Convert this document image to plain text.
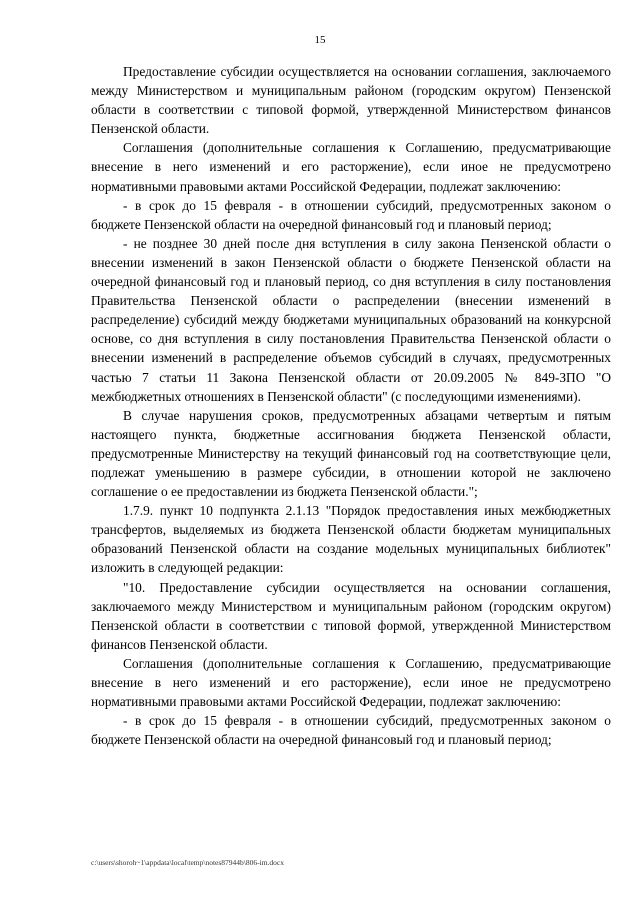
15

Предоставление субсидии осуществляется на основании соглашения, заключаемого между Министерством и муниципальным районом (городским округом) Пензенской области в соответствии с типовой формой, утвержденной Министерством финансов Пензенской области.

Соглашения (дополнительные соглашения к Соглашению, предусматривающие внесение в него изменений и его расторжение), если иное не предусмотрено нормативными правовыми актами Российской Федерации, подлежат заключению:

- в срок до 15 февраля - в отношении субсидий, предусмотренных законом о бюджете Пензенской области на очередной финансовый год и плановый период;

- не позднее 30 дней после дня вступления в силу закона Пензенской области о внесении изменений в закон Пензенской области о бюджете Пензенской области на очередной финансовый год и плановый период, со дня вступления в силу постановления Правительства Пензенской области о распределении (внесении изменений в распределение) субсидий между бюджетами муниципальных образований на конкурсной основе, со дня вступления в силу постановления Правительства Пензенской области о внесении изменений в распределение объемов субсидий в случаях, предусмотренных частью 7 статьи 11 Закона Пензенской области от 20.09.2005 № 849-ЗПО "О межбюджетных отношениях в Пензенской области" (с последующими изменениями).

В случае нарушения сроков, предусмотренных абзацами четвертым и пятым настоящего пункта, бюджетные ассигнования бюджета Пензенской области, предусмотренные Министерству на текущий финансовый год на соответствующие цели, подлежат уменьшению в размере субсидии, в отношении которой не заключено соглашение о ее предоставлении из бюджета Пензенской области.";

1.7.9. пункт 10 подпункта 2.1.13 "Порядок предоставления иных межбюджетных трансфертов, выделяемых из бюджета Пензенской области бюджетам муниципальных образований Пензенской области на создание модельных муниципальных библиотек" изложить в следующей редакции:

"10. Предоставление субсидии осуществляется на основании соглашения, заключаемого между Министерством и муниципальным районом (городским округом) Пензенской области в соответствии с типовой формой, утвержденной Министерством финансов Пензенской области.

Соглашения (дополнительные соглашения к Соглашению, предусматривающие внесение в него изменений и его расторжение), если иное не предусмотрено нормативными правовыми актами Российской Федерации, подлежат заключению:

- в срок до 15 февраля - в отношении субсидий, предусмотренных законом о бюджете Пензенской области на очередной финансовый год и плановый период;

c:\users\shoroh~1\appdata\local\temp\notes87944b\806-im.docx
